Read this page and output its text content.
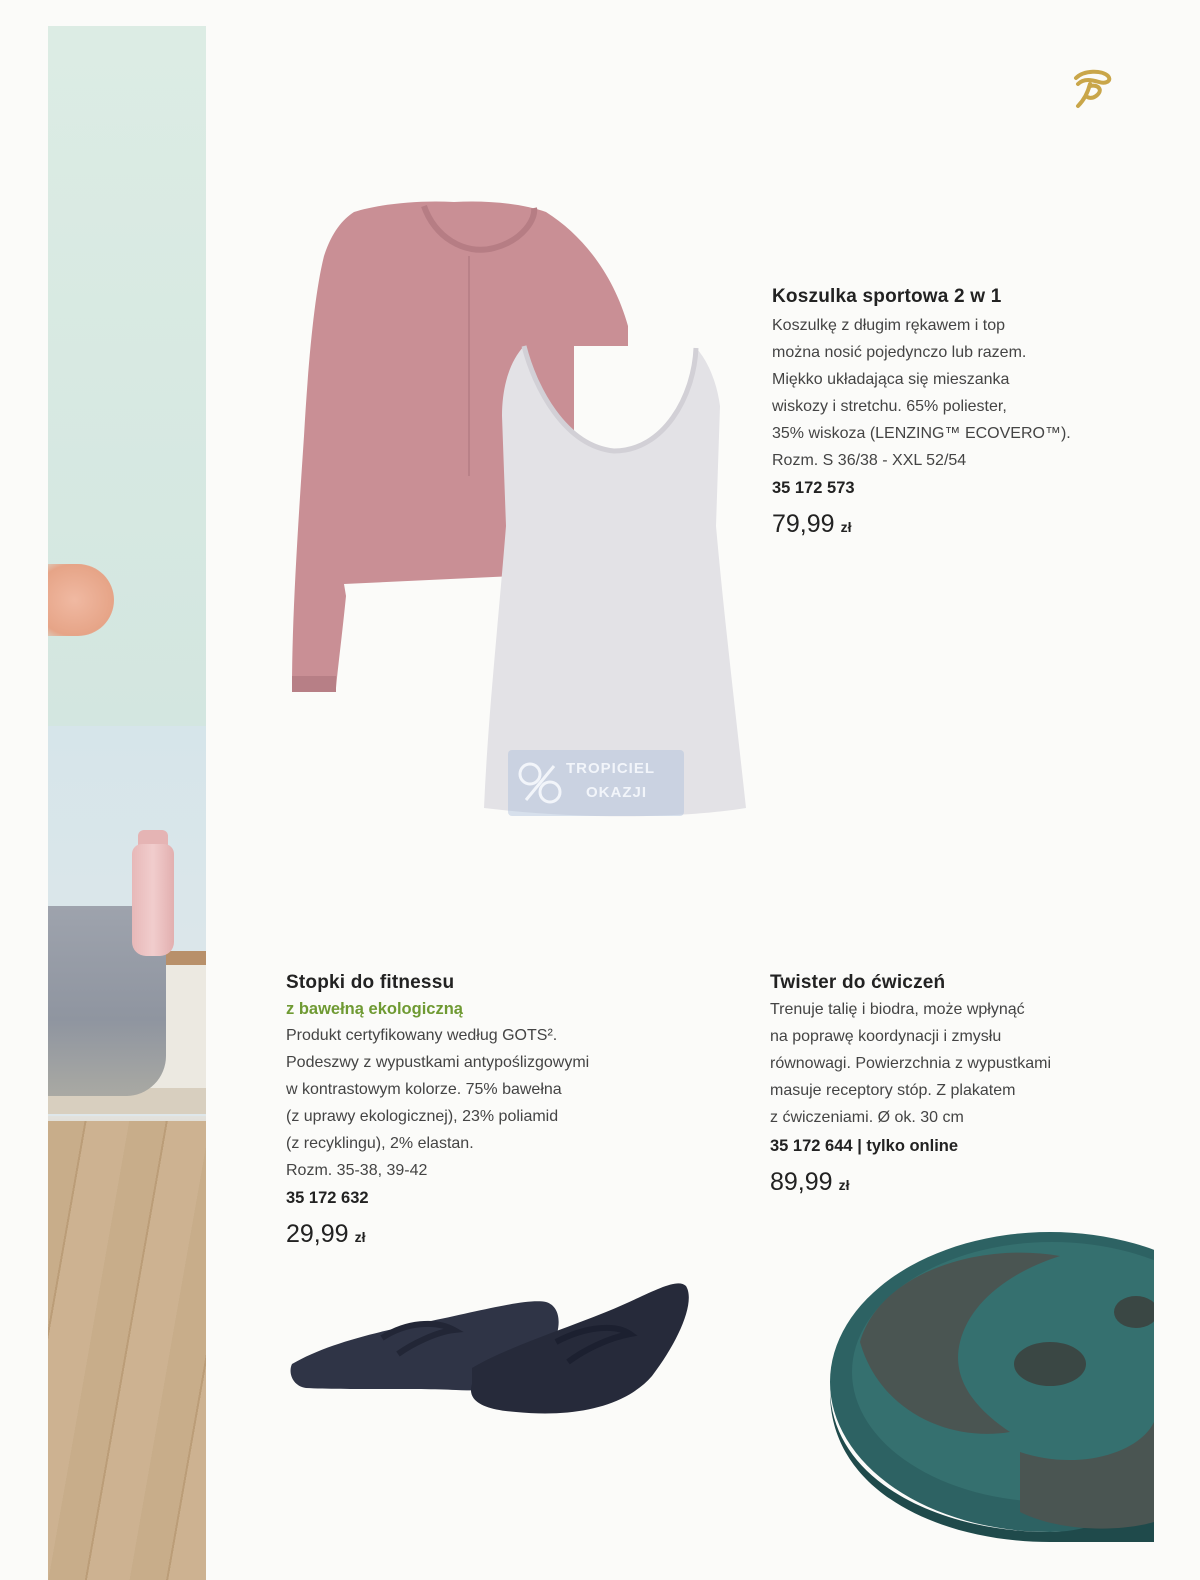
TROPICIEL
OKAZJI
Koszulka sportowa 2 w 1
Koszulkę z długim rękawem i top
można nosić pojedynczo lub razem.
Miękko układająca się mieszanka
wiskozy i stretchu. 65% poliester,
35% wiskoza (LENZING™ ECOVERO™).
Rozm. S 36/38 - XXL 52/54
35 172 573
79,99 zł
Stopki do fitnessu
z bawełną ekologiczną
Produkt certyfikowany według GOTS².
Podeszwy z wypustkami antypoślizgowymi
w kontrastowym kolorze. 75% bawełna
(z uprawy ekologicznej), 23% poliamid
(z recyklingu), 2% elastan.
Rozm. 35-38, 39-42
35 172 632
29,99 zł
Twister do ćwiczeń
Trenuje talię i biodra, może wpłynąć
na poprawę koordynacji i zmysłu
równowagi. Powierzchnia z wypustkami
masuje receptory stóp. Z plakatem
z ćwiczeniami. Ø ok. 30 cm
35 172 644 | tylko online
89,99 zł
